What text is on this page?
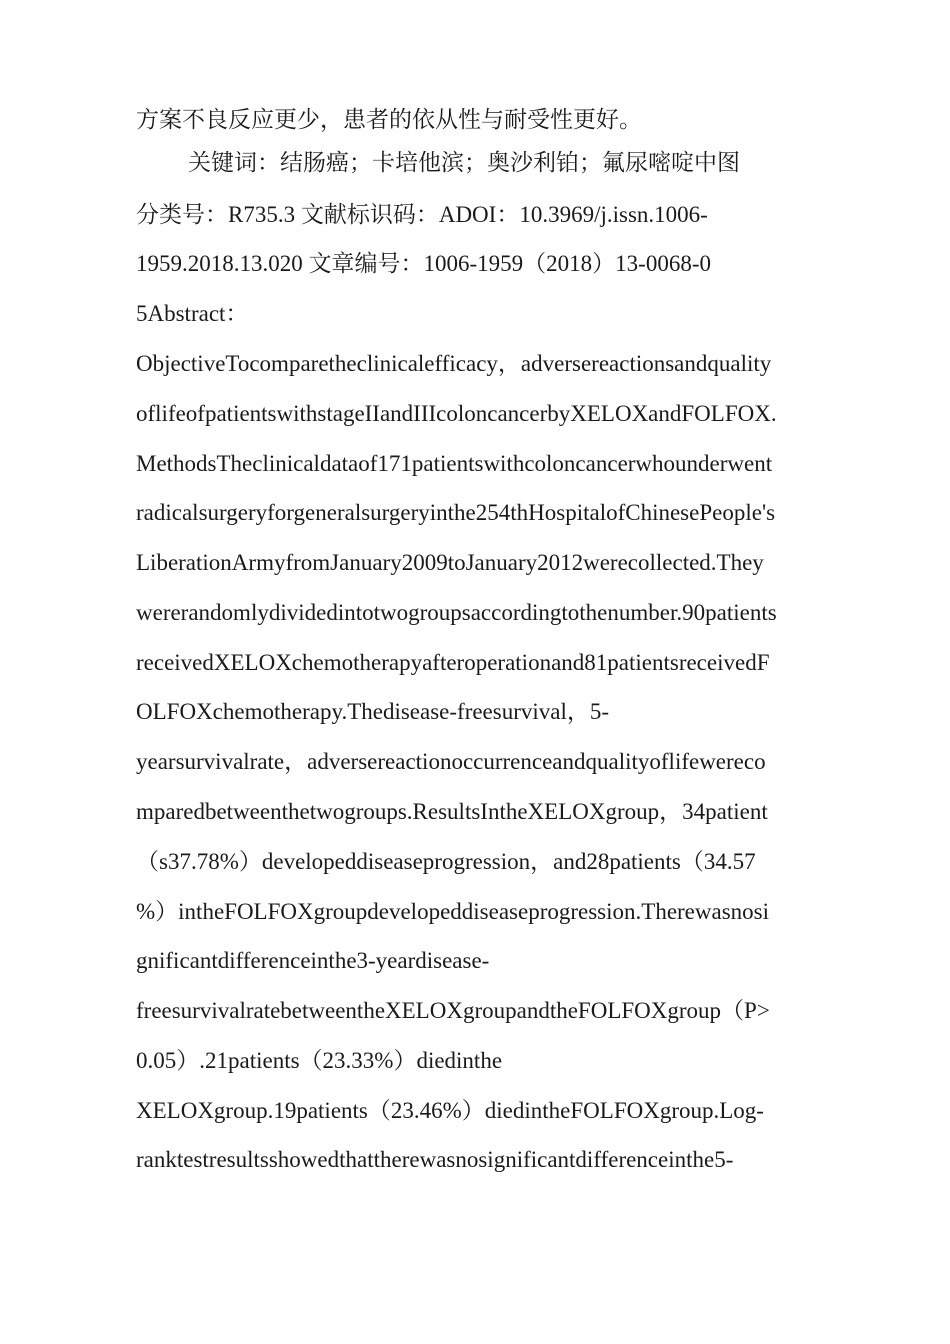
方案不良反应更少，患者的依从性与耐受性更好。
关键词：结肠癌；卡培他滨；奥沙利铂；氟尿嘧啶中图
分类号：R735.3 文献标识码：ADOI：10.3969/j.issn.1006-
1959.2018.13.020 文章编号：1006-1959（2018）13-0068-0
5Abstract：
ObjectiveTocomparetheclinicalefficacy，adversereactionsandquality
oflifeofpatientswithstageIIandIIIcoloncancerbyXELOXandFOLFOX.
MethodsTheclinicaldataof171patientswithcoloncancerwhounderwent
radicalsurgeryforgeneralsurgeryinthe254thHospitalofChinesePeople's
LiberationArmyfromJanuary2009toJanuary2012werecollected.They
wererandomlydividedintotwogroupsaccordingtothenumber.90patients
receivedXELOXchemotherapyafteroperationand81patientsreceivedF
OLFOXchemotherapy.Thedisease-freesurvival，5-
yearsurvivalrate，adversereactionoccurrenceandqualityoflifewereco
mparedbetweenthetwogroups.ResultsIntheXELOXgroup，34patient
（s37.78%）developeddiseaseprogression，and28patients（34.57
%）intheFOLFOXgroupdevelopeddiseaseprogression.Therewasnosi
gnificantdifferenceinthe3-yeardisease-
freesurvivalratebetweentheXELOXgroupandtheFOLFOXgroup（P>
0.05）.21patients（23.33%）diedinthe
XELOXgroup.19patients（23.46%）diedintheFOLFOXgroup.Log-
ranktestresultsshowedthattherewasnosignificantdifferenceinthe5-
